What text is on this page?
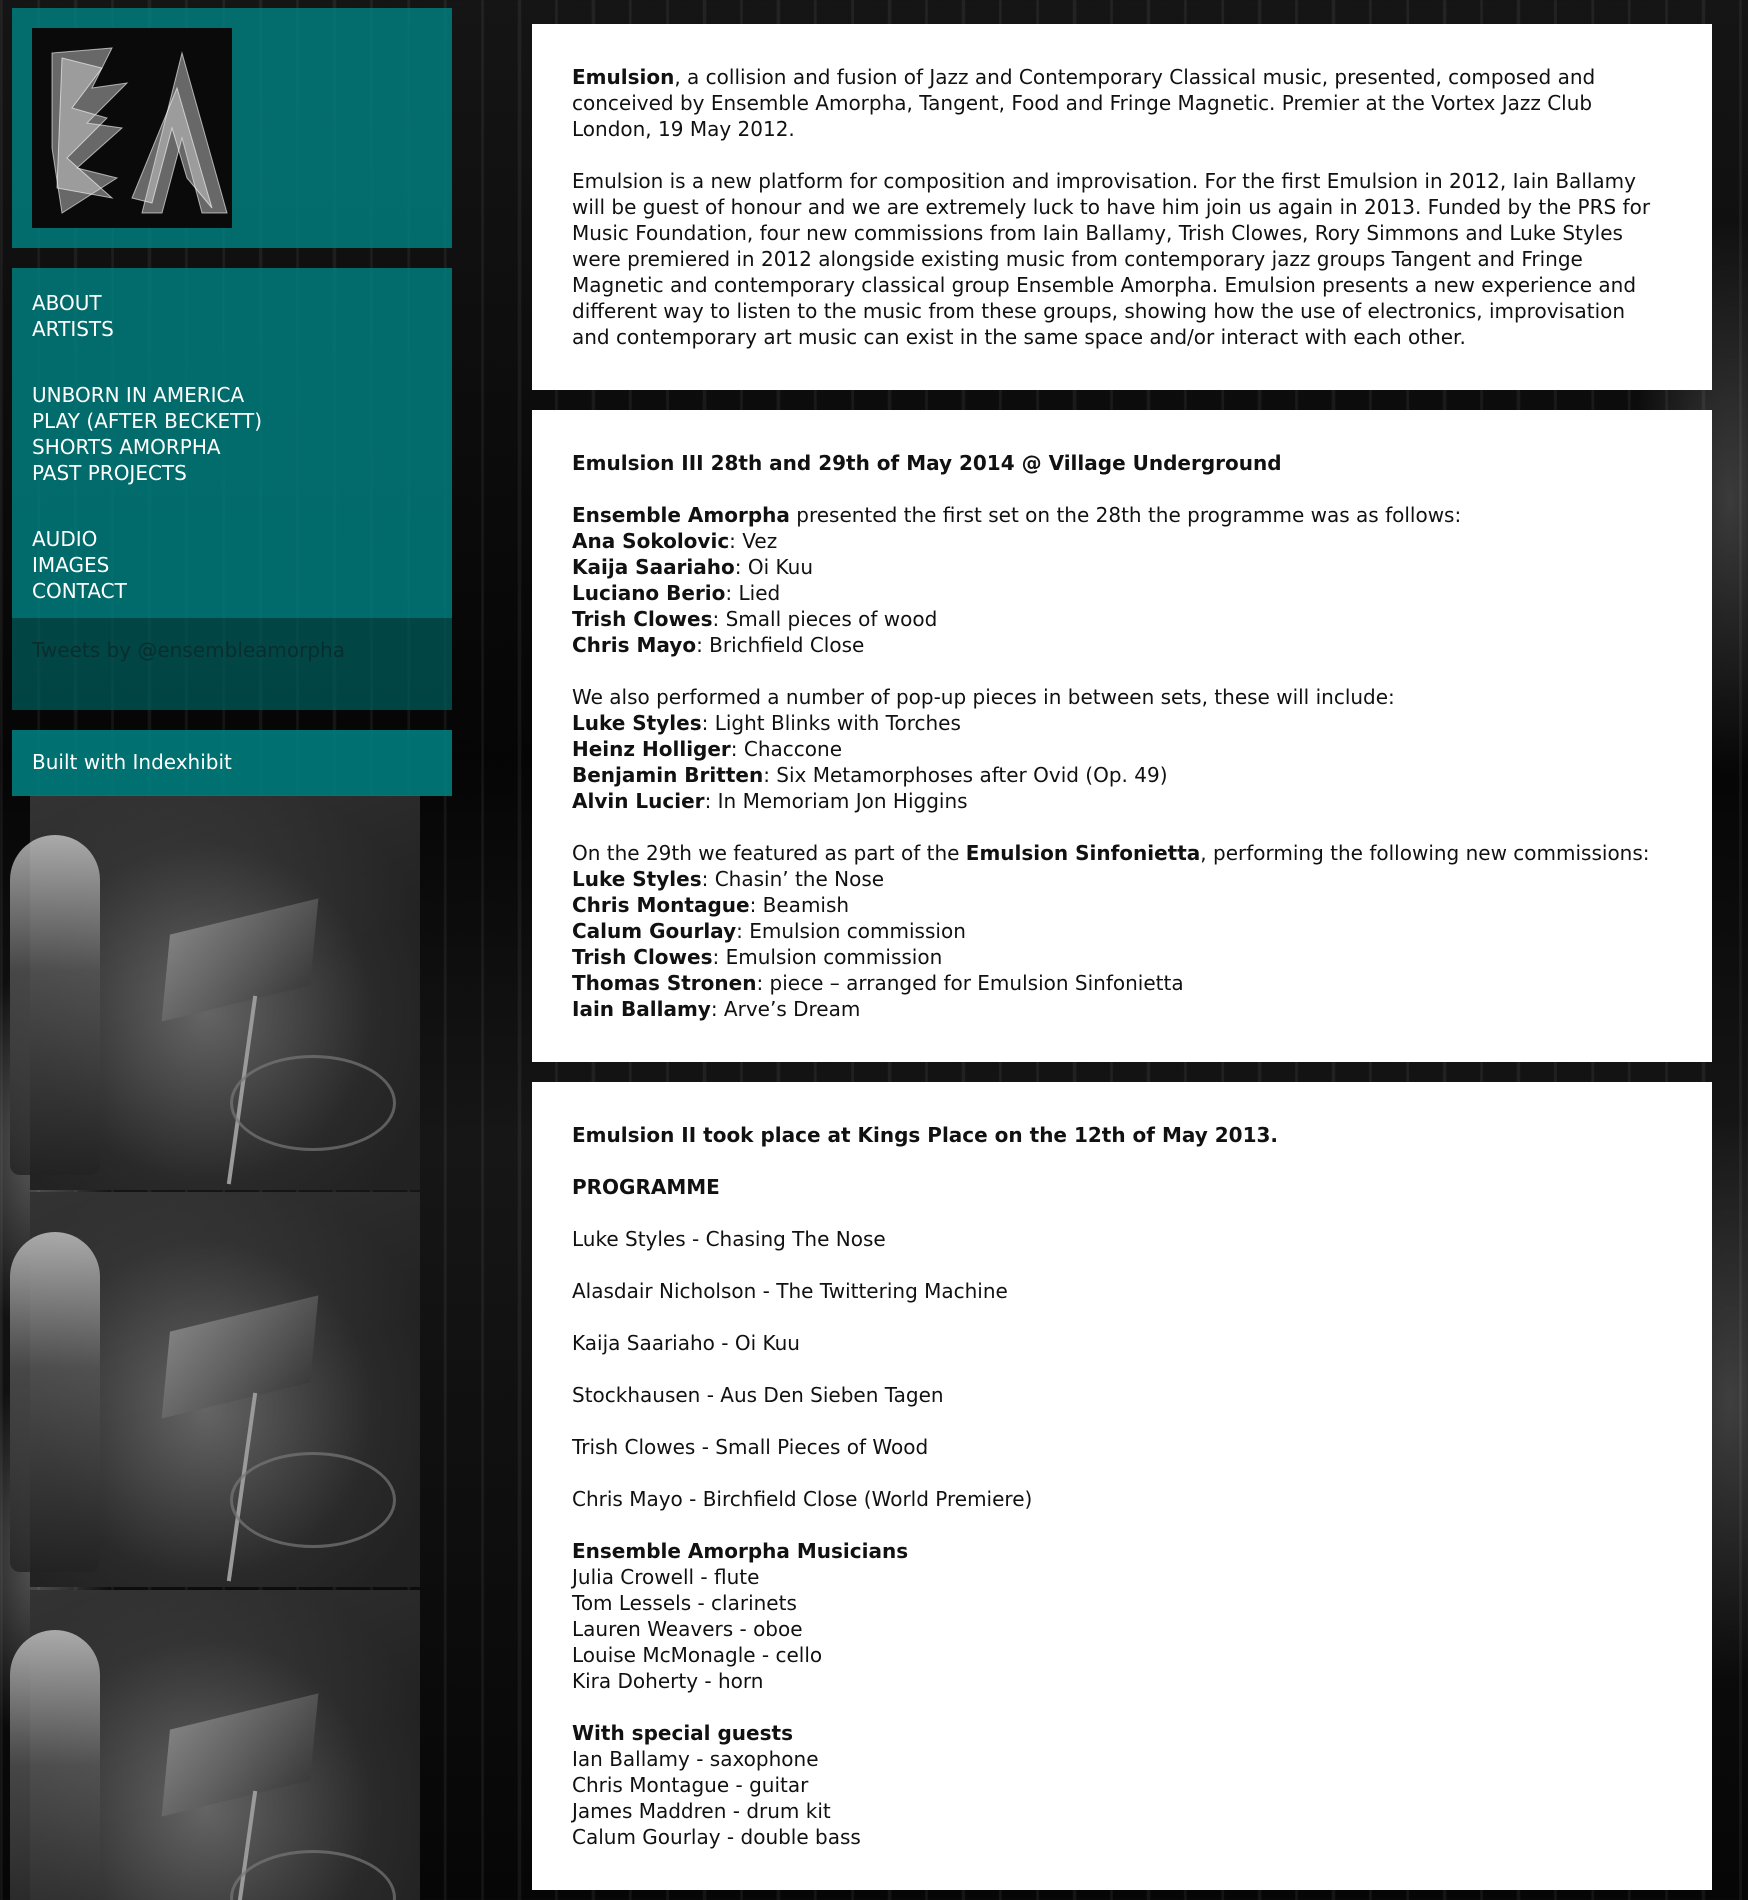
ABOUT
ARTISTS
UNBORN IN AMERICA
PLAY (AFTER BECKETT)
SHORTS AMORPHA
PAST PROJECTS
AUDIO
IMAGES
CONTACT
Tweets by @ensembleamorpha
Built with Indexhibit

Emulsion, a collision and fusion of Jazz and Contemporary Classical music, presented, composed and
conceived by Ensemble Amorpha, Tangent, Food and Fringe Magnetic. Premier at the Vortex Jazz Club
London, 19 May 2012.

Emulsion is a new platform for composition and improvisation. For the first Emulsion in 2012, Iain Ballamy
will be guest of honour and we are extremely luck to have him join us again in 2013. Funded by the PRS for
Music Foundation, four new commissions from Iain Ballamy, Trish Clowes, Rory Simmons and Luke Styles
were premiered in 2012 alongside existing music from contemporary jazz groups Tangent and Fringe
Magnetic and contemporary classical group Ensemble Amorpha. Emulsion presents a new experience and
different way to listen to the music from these groups, showing how the use of electronics, improvisation
and contemporary art music can exist in the same space and/or interact with each other.

Emulsion III 28th and 29th of May 2014 @ Village Underground

Ensemble Amorpha presented the first set on the 28th the programme was as follows:
Ana Sokolovic: Vez
Kaija Saariaho: Oi Kuu
Luciano Berio: Lied
Trish Clowes: Small pieces of wood
Chris Mayo: Brichfield Close

We also performed a number of pop-up pieces in between sets, these will include:
Luke Styles: Light Blinks with Torches
Heinz Holliger: Chaccone
Benjamin Britten: Six Metamorphoses after Ovid (Op. 49)
Alvin Lucier: In Memoriam Jon Higgins

On the 29th we featured as part of the Emulsion Sinfonietta, performing the following new commissions:
Luke Styles: Chasin’ the Nose
Chris Montague: Beamish
Calum Gourlay: Emulsion commission
Trish Clowes: Emulsion commission
Thomas Stronen: piece – arranged for Emulsion Sinfonietta
Iain Ballamy: Arve’s Dream

Emulsion II took place at Kings Place on the 12th of May 2013.

PROGRAMME

Luke Styles - Chasing The Nose

Alasdair Nicholson - The Twittering Machine

Kaija Saariaho - Oi Kuu

Stockhausen - Aus Den Sieben Tagen

Trish Clowes - Small Pieces of Wood

Chris Mayo - Birchfield Close (World Premiere)

Ensemble Amorpha Musicians
Julia Crowell - flute
Tom Lessels - clarinets
Lauren Weavers - oboe
Louise McMonagle - cello
Kira Doherty - horn

With special guests
Ian Ballamy - saxophone
Chris Montague - guitar
James Maddren - drum kit
Calum Gourlay - double bass
